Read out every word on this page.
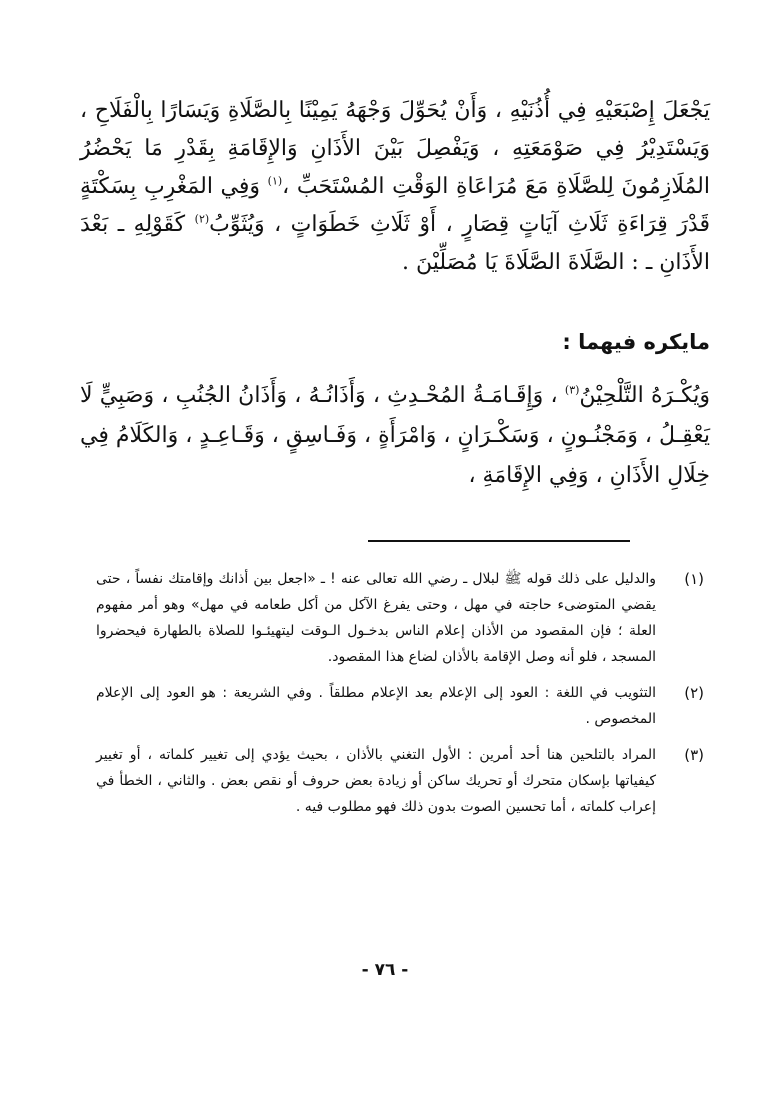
يَجْعَلَ إِصْبَعَيْهِ فِي أُذُنَيْهِ ، وَأَنْ يُحَوِّلَ وَجْهَهُ يَمِيْنًا بِالصَّلَاةِ وَيَسَارًا بِالْفَلَاحِ ، وَيَسْتَدِيْرُ فِي صَوْمَعَتِهِ ، وَيَفْصِلَ بَيْنَ الأَذَانِ وَالإِقَامَةِ بِقَدْرِ مَا يَحْضُرُ المُلَازِمُونَ لِلصَّلَاةِ مَعَ مُرَاعَاةِ الوَقْتِ المُسْتَحَبِّ ،$^{(١)}$ وَفِي المَغْرِبِ بِسَكْتَةٍ قَدْرَ قِرَاءَةِ ثَلَاثِ آيَاتٍ قِصَارٍ ، أَوْ ثَلَاثِ خَطَوَاتٍ ، وَيُثَوِّبُ$^{(٢)}$ كَقَوْلِهِ ـ بَعْدَ الأَذَانِ ـ : الصَّلَاةَ الصَّلَاةَ يَا مُصَلِّيْنَ .

مايكره فيهما :
وَيُكْـرَهُ التَّلْحِيْنُ$^{(٣)}$ ، وَإِقَـامَـةُ المُحْـدِثِ ، وَأَذَانُـهُ ، وَأَذَانُ الجُنُبِ ، وَصَبِيٍّ لَا يَعْقِـلُ ، وَمَجْنُـونٍ ، وَسَكْـرَانٍ ، وَامْرَأَةٍ ، وَفَـاسِقٍ ، وَقَـاعِـدٍ ، وَالكَلَامُ فِي خِلَالِ الأَذَانِ ، وَفِي الإِقَامَةِ ،
(١)
والدليل على ذلك قوله ﷺ لبلال ـ رضي الله تعالى عنه ! ـ «اجعل بين أذانك وإقامتك نفساً ، حتى يقضي المتوضىء حاجته في مهل ، وحتى يفرغ الآكل من أكل طعامه في مهل» وهو أمر مفهوم العلة ؛ فإن المقصود من الأذان إعلام الناس بدخـول الـوقت ليتهيئـوا للصلاة بالطهارة فيحضروا المسجد ، فلو أنه وصل الإقامة بالأذان لضاع هذا المقصود.
(٢)
التثويب في اللغة : العود إلى الإعلام بعد الإعلام مطلقاً . وفي الشريعة : هو العود إلى الإعلام المخصوص .
(٣)
المراد بالتلحين هنا أحد أمرين : الأول التغني بالأذان ، بحيث يؤدي إلى تغيير كلماته ، أو تغيير كيفياتها بإسكان متحرك أو تحريك ساكن أو زيادة بعض حروف أو نقص بعض . والثاني ، الخطأ في إعراب كلماته ، أما تحسين الصوت بدون ذلك فهو مطلوب فيه .
- ٧٦ -
